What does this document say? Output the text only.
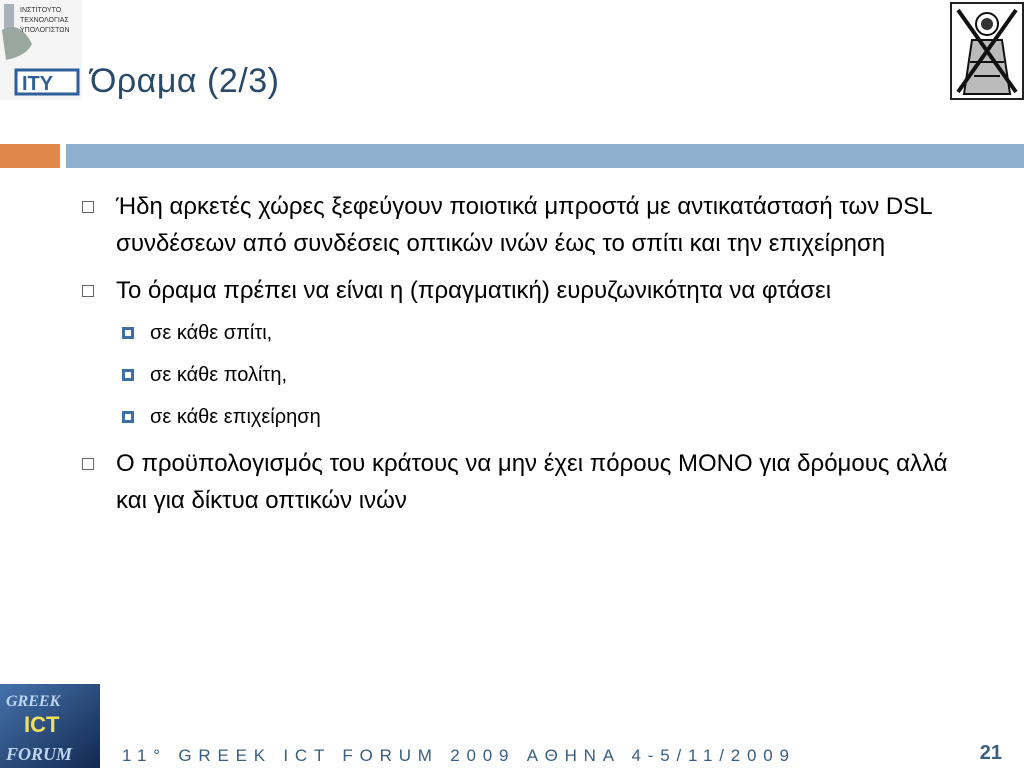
ΙΝΣΤΙΤΟΥΤΟ
ΤΕΧΝΟΛΟΓΙΑΣ
ΥΠΟΛΟΓΙΣΤΩΝ
ITY Όραμα (2/3)
Ήδη αρκετές χώρες ξεφεύγουν ποιοτικά μπροστά με αντικατάστασή των DSL συνδέσεων από συνδέσεις οπτικών ινών έως το σπίτι και την επιχείρηση
Το όραμα πρέπει να είναι η (πραγματική) ευρυζωνικότητα να φτάσει
σε κάθε σπίτι,
σε κάθε πολίτη,
σε κάθε επιχείρηση
Ο προϋπολογισμός του κράτους να μην έχει πόρους ΜΟΝΟ για δρόμους αλλά και για δίκτυα οπτικών ινών
GREEK
ICT
FORUM	11° GREEK ICT FORUM 2009 ΑΘΗΝΑ 4-5/11/2009	21
